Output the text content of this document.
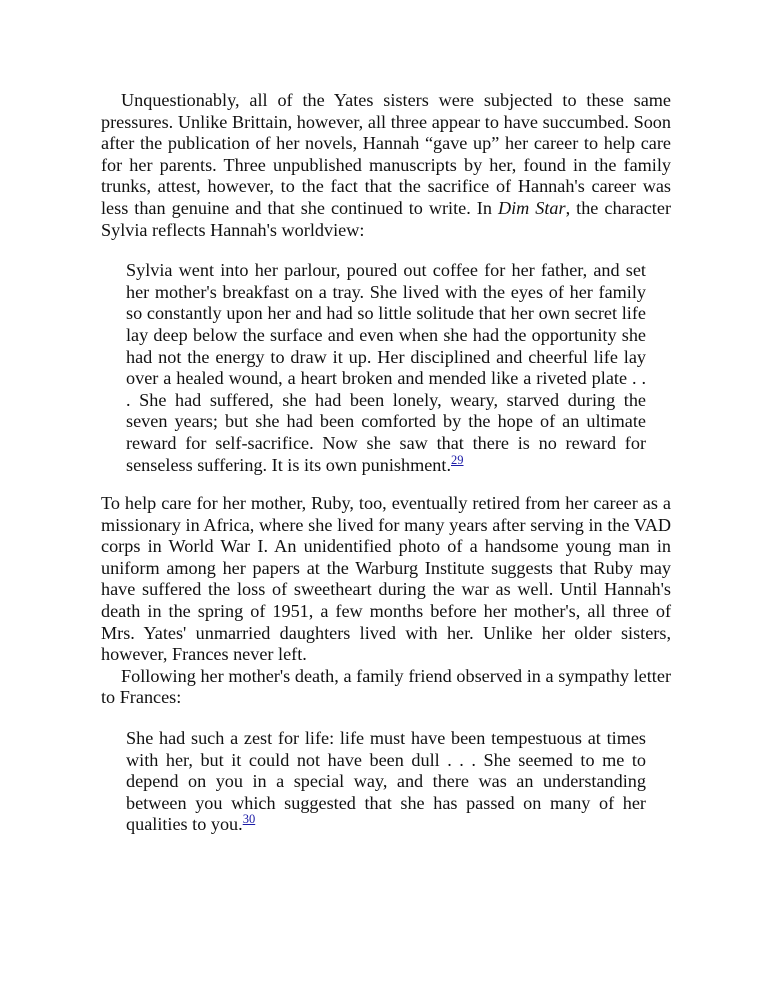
Unquestionably, all of the Yates sisters were subjected to these same pressures. Unlike Brittain, however, all three appear to have succumbed. Soon after the publication of her novels, Hannah “gave up” her career to help care for her parents. Three unpublished manuscripts by her, found in the family trunks, attest, however, to the fact that the sacrifice of Hannah's career was less than genuine and that she continued to write. In Dim Star, the character Sylvia reflects Hannah's worldview:

Sylvia went into her parlour, poured out coffee for her father, and set her mother's breakfast on a tray. She lived with the eyes of her family so constantly upon her and had so little solitude that her own secret life lay deep below the surface and even when she had the opportunity she had not the energy to draw it up. Her disciplined and cheerful life lay over a healed wound, a heart broken and mended like a riveted plate . . . She had suffered, she had been lonely, weary, starved during the seven years; but she had been comforted by the hope of an ultimate reward for self-sacrifice. Now she saw that there is no reward for senseless suffering. It is its own punishment.$^{29}$

To help care for her mother, Ruby, too, eventually retired from her career as a missionary in Africa, where she lived for many years after serving in the VAD corps in World War I. An unidentified photo of a handsome young man in uniform among her papers at the Warburg Institute suggests that Ruby may have suffered the loss of sweetheart during the war as well. Until Hannah's death in the spring of 1951, a few months before her mother's, all three of Mrs. Yates' unmarried daughters lived with her. Unlike her older sisters, however, Frances never left.

Following her mother's death, a family friend observed in a sympathy letter to Frances:

She had such a zest for life: life must have been tempestuous at times with her, but it could not have been dull . . . She seemed to me to depend on you in a special way, and there was an understanding between you which suggested that she has passed on many of her qualities to you.$^{30}$
